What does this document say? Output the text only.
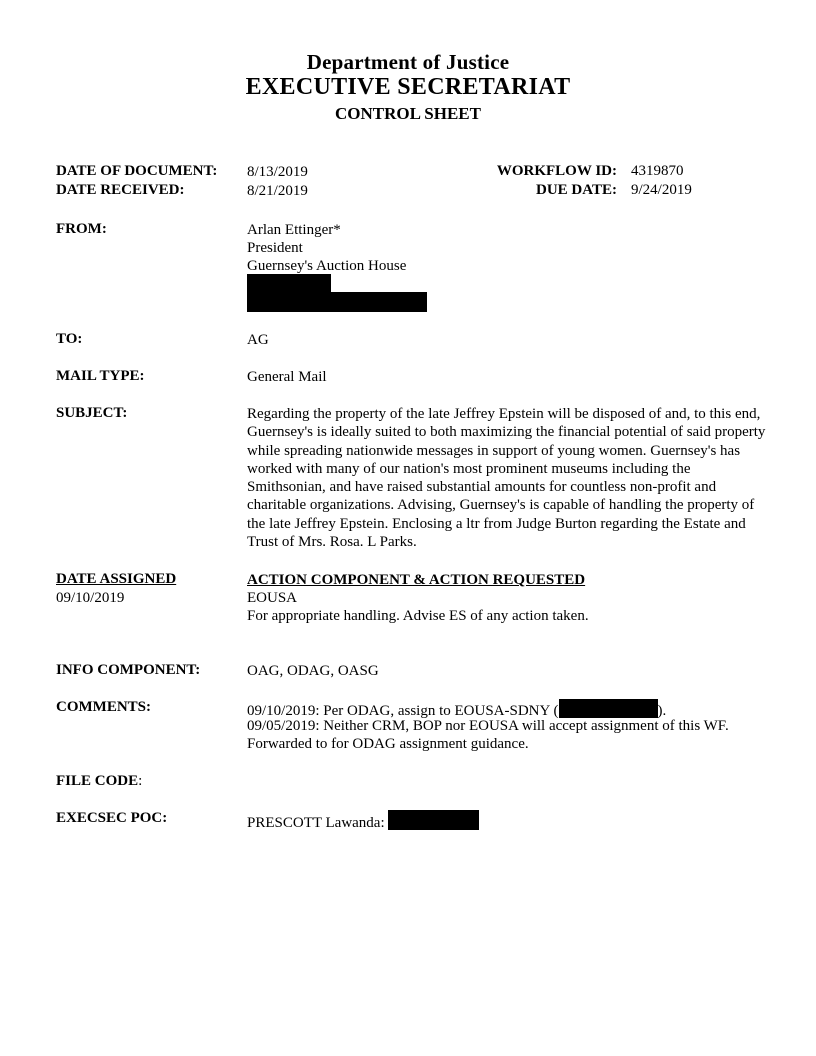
Department of Justice
EXECUTIVE SECRETARIAT
CONTROL SHEET
DATE OF DOCUMENT: 8/13/2019
DATE RECEIVED:	8/21/2019
WORKFLOW ID: 4319870
DUE DATE: 9/24/2019
FROM:	Arlan Ettinger*
President
Guernsey's Auction House
TO:	AG
MAIL TYPE:	General Mail
SUBJECT:	Regarding the property of the late Jeffrey Epstein will be disposed of and, to this end, Guernsey's is ideally suited to both maximizing the financial potential of said property while spreading nationwide messages in support of young women. Guernsey's has worked with many of our nation's most prominent museums including the Smithsonian, and have raised substantial amounts for countless non-profit and charitable organizations. Advising, Guernsey's is capable of handling the property of the late Jeffrey Epstein. Enclosing a ltr from Judge Burton regarding the Estate and Trust of Mrs. Rosa. L Parks.
DATE ASSIGNED
09/10/2019
ACTION COMPONENT & ACTION REQUESTED
EOUSA
For appropriate handling. Advise ES of any action taken.
INFO COMPONENT:	OAG, ODAG, OASG
COMMENTS:	09/10/2019: Per ODAG, assign to EOUSA-SDNY (	).
09/05/2019: Neither CRM, BOP nor EOUSA will accept assignment of this WF.
Forwarded to for ODAG assignment guidance.
FILE CODE:
EXECSEC POC:	PRESCOTT Lawanda:
